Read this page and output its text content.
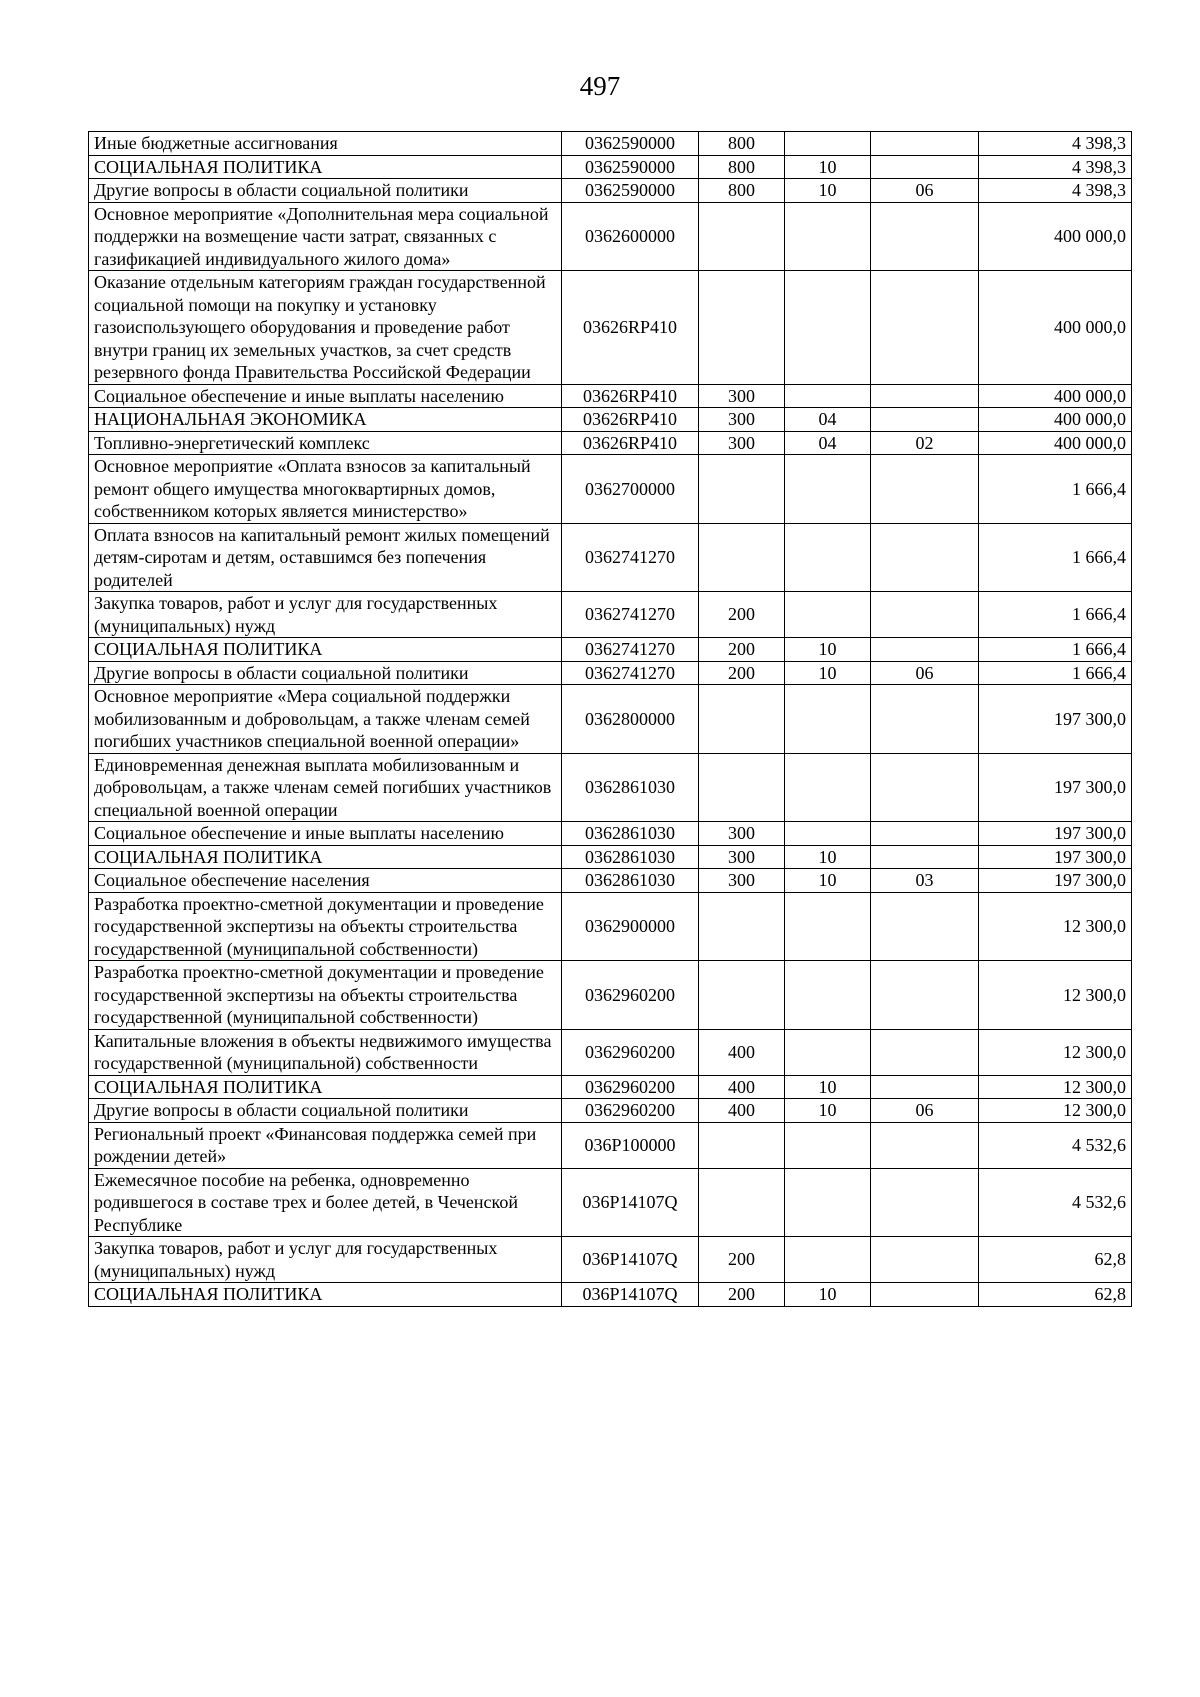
497
Иные бюджетные ассигнования	0362590000	800			4 398,3
СОЦИАЛЬНАЯ ПОЛИТИКА	0362590000	800	10		4 398,3
Другие вопросы в области социальной политики	0362590000	800	10	06	4 398,3
Основное мероприятие «Дополнительная мера социальной поддержки на возмещение части затрат, связанных с газификацией индивидуального жилого дома»	0362600000				400 000,0
Оказание отдельным категориям граждан государственной социальной помощи на покупку и установку газоиспользующего оборудования и проведение работ внутри границ их земельных участков, за счет средств резервного фонда Правительства Российской Федерации	03626RP410				400 000,0
Социальное обеспечение и иные выплаты населению	03626RP410	300			400 000,0
НАЦИОНАЛЬНАЯ ЭКОНОМИКА	03626RP410	300	04		400 000,0
Топливно-энергетический комплекс	03626RP410	300	04	02	400 000,0
Основное мероприятие «Оплата взносов за капитальный ремонт общего имущества многоквартирных домов, собственником которых является министерство»	0362700000				1 666,4
Оплата взносов на капитальный ремонт жилых помещений детям-сиротам и детям, оставшимся без попечения родителей	0362741270				1 666,4
Закупка товаров, работ и услуг для государственных (муниципальных) нужд	0362741270	200			1 666,4
СОЦИАЛЬНАЯ ПОЛИТИКА	0362741270	200	10		1 666,4
Другие вопросы в области социальной политики	0362741270	200	10	06	1 666,4
Основное мероприятие «Мера социальной поддержки мобилизованным и добровольцам, а также членам семей погибших участников специальной военной операции»	0362800000				197 300,0
Единовременная денежная выплата мобилизованным и добровольцам, а также членам семей погибших участников специальной военной операции	0362861030				197 300,0
Социальное обеспечение и иные выплаты населению	0362861030	300			197 300,0
СОЦИАЛЬНАЯ ПОЛИТИКА	0362861030	300	10		197 300,0
Социальное обеспечение населения	0362861030	300	10	03	197 300,0
Разработка проектно-сметной документации и проведение государственной экспертизы на объекты строительства государственной (муниципальной собственности)	0362900000				12 300,0
Разработка проектно-сметной документации и проведение государственной экспертизы на объекты строительства государственной (муниципальной собственности)	0362960200				12 300,0
Капитальные вложения в объекты недвижимого имущества государственной (муниципальной) собственности	0362960200	400			12 300,0
СОЦИАЛЬНАЯ ПОЛИТИКА	0362960200	400	10		12 300,0
Другие вопросы в области социальной политики	0362960200	400	10	06	12 300,0
Региональный проект «Финансовая поддержка семей при рождении детей»	036P100000				4 532,6
Ежемесячное пособие на ребенка, одновременно родившегося в составе трех и более детей, в Чеченской Республике	036P14107Q				4 532,6
Закупка товаров, работ и услуг для государственных (муниципальных) нужд	036P14107Q	200			62,8
СОЦИАЛЬНАЯ ПОЛИТИКА	036P14107Q	200	10		62,8
